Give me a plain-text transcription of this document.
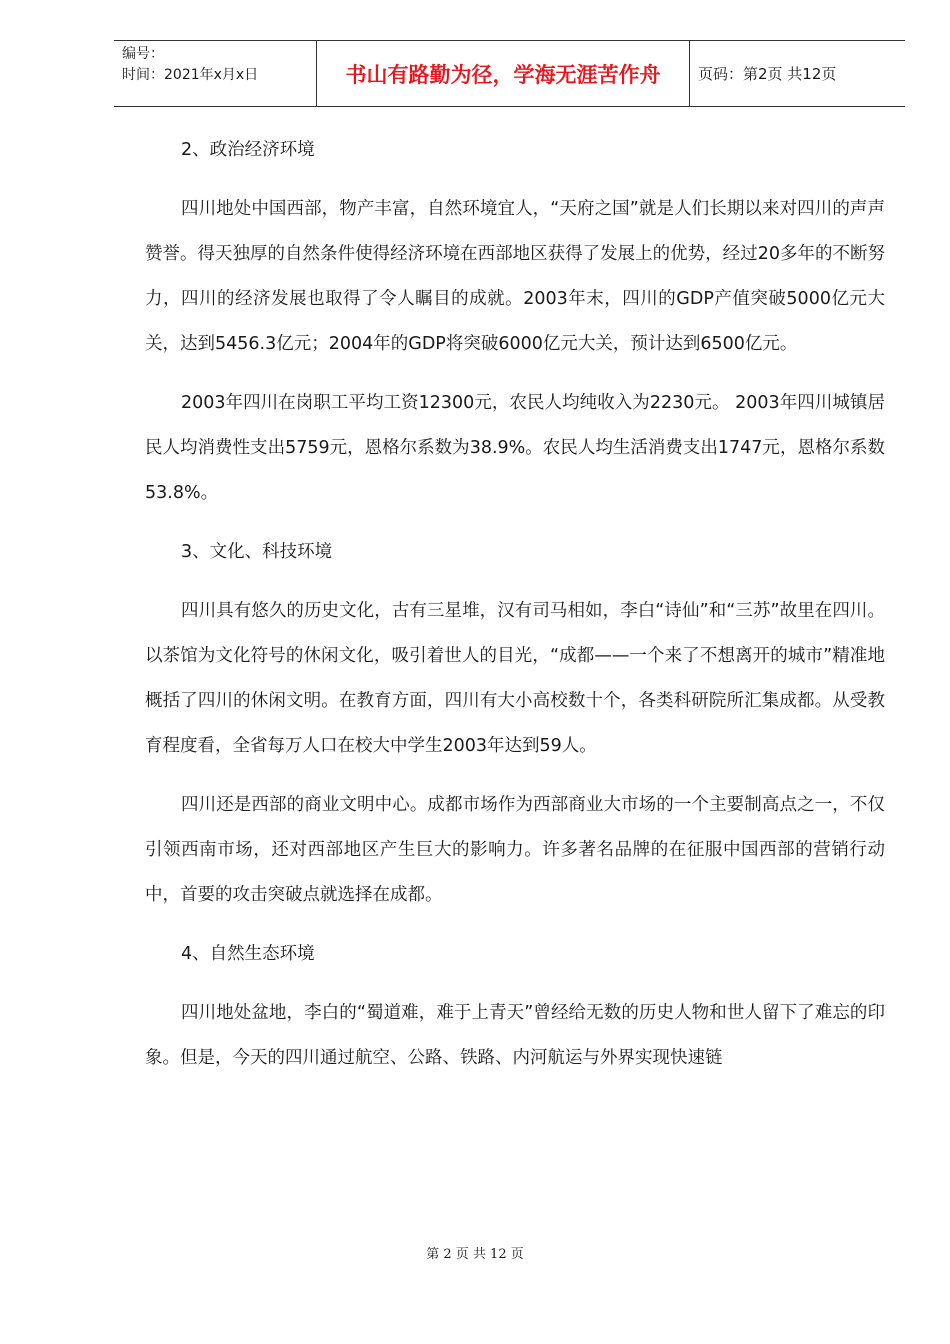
编号：
时间：2021年x月x日	书山有路勤为径，学海无涯苦作舟	页码：第2页 共12页

2、政治经济环境

四川地处中国西部，物产丰富，自然环境宜人，“天府之国”就是人们长期以来对四川的声声赞誉。得天独厚的自然条件使得经济环境在西部地区获得了发展上的优势，经过20多年的不断努力，四川的经济发展也取得了令人瞩目的成就。2003年末，四川的GDP产值突破5000亿元大关，达到5456.3亿元；2004年的GDP将突破6000亿元大关，预计达到6500亿元。

2003年四川在岗职工平均工资12300元，农民人均纯收入为2230元。 2003年四川城镇居民人均消费性支出5759元，恩格尔系数为38.9%。农民人均生活消费支出1747元，恩格尔系数53.8%。

3、文化、科技环境

四川具有悠久的历史文化，古有三星堆，汉有司马相如，李白“诗仙”和“三苏”故里在四川。以茶馆为文化符号的休闲文化，吸引着世人的目光，“成都——一个来了不想离开的城市”精准地概括了四川的休闲文明。在教育方面，四川有大小高校数十个，各类科研院所汇集成都。从受教育程度看，全省每万人口在校大中学生2003年达到59人。

四川还是西部的商业文明中心。成都市场作为西部商业大市场的一个主要制高点之一，不仅引领西南市场，还对西部地区产生巨大的影响力。许多著名品牌的在征服中国西部的营销行动中，首要的攻击突破点就选择在成都。

4、自然生态环境

四川地处盆地，李白的“蜀道难，难于上青天”曾经给无数的历史人物和世人留下了难忘的印象。但是，今天的四川通过航空、公路、铁路、内河航运与外界实现快速链

第 2 页 共 12 页
